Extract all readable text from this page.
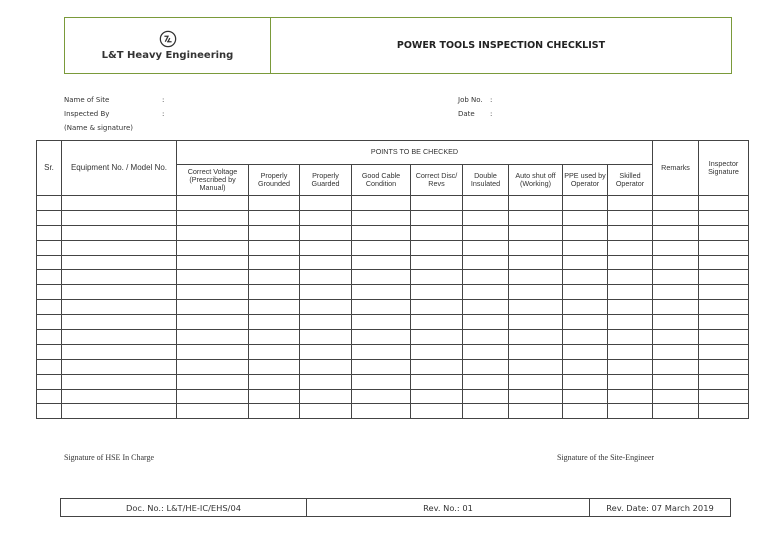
L&T Heavy Engineering
POWER TOOLS INSPECTION CHECKLIST
Name of Site	:
Inspected By	:
(Name & signature)
Job No. :
Date :
Sr.	Equipment No. / Model No.	POINTS TO BE CHECKED									Remarks	Inspector Signature
		Correct Voltage (Prescribed by Manual)	Properly Grounded	Properly Guarded	Good Cable Condition	Correct Disc/ Revs	Double Insulated	Auto shut off (Working)	PPE used by Operator	Skilled Operator		

Signature of HSE In Charge	Signature of the Site-Engineer
Doc. No.: L&T/HE-IC/EHS/04	Rev. No.: 01	Rev. Date: 07 March 2019
